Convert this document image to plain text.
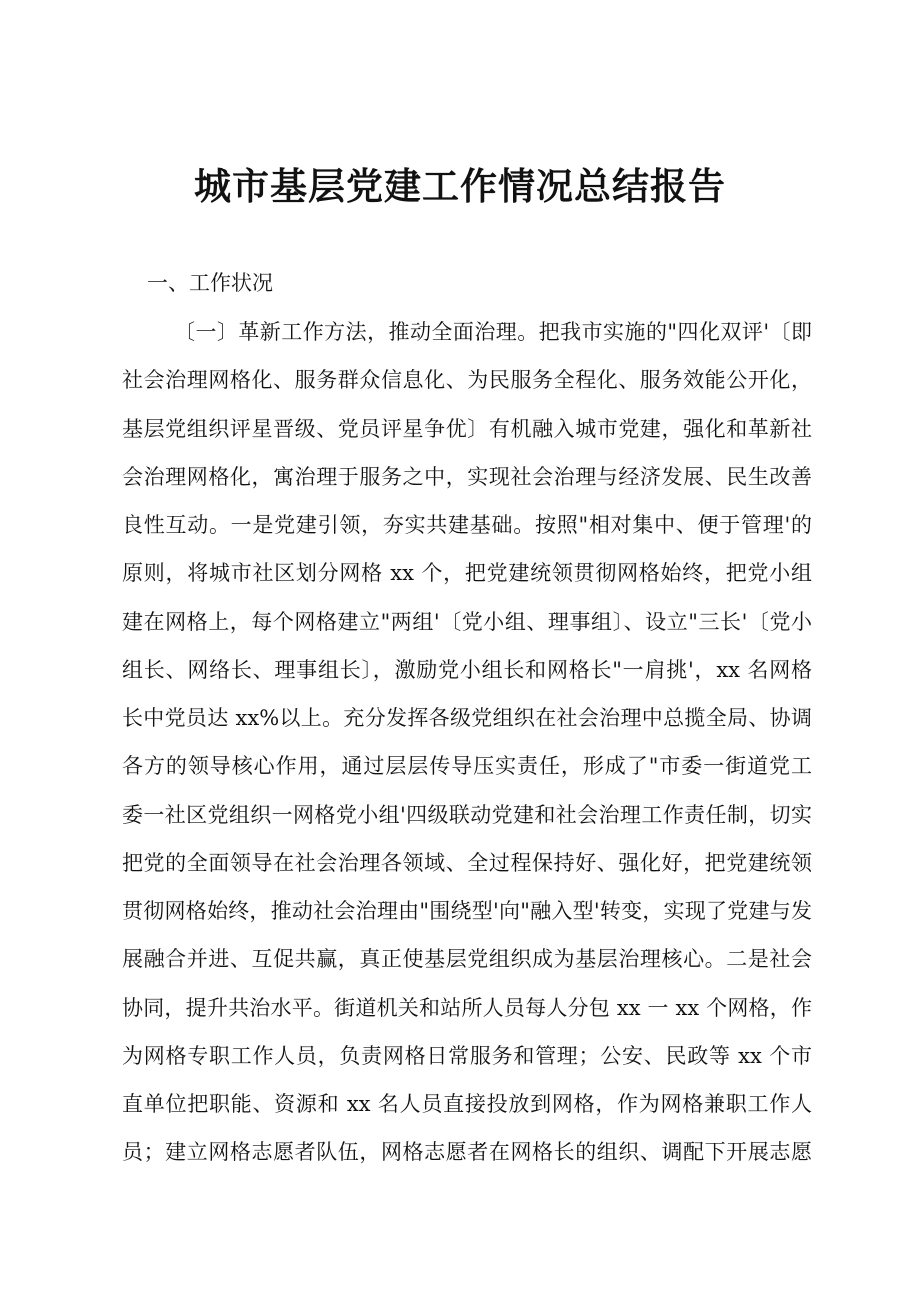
城市基层党建工作情况总结报告

一、工作状况

〔一〕革新工作方法，推动全面治理。把我市实施的"四化双评'〔即
社会治理网格化、服务群众信息化、为民服务全程化、服务效能公开化，
基层党组织评星晋级、党员评星争优〕有机融入城市党建，强化和革新社
会治理网格化，寓治理于服务之中，实现社会治理与经济发展、民生改善
良性互动。一是党建引领，夯实共建基础。按照"相对集中、便于管理'的
原则，将城市社区划分网格 xx 个，把党建统领贯彻网格始终，把党小组
建在网格上，每个网格建立"两组'〔党小组、理事组〕、设立"三长'〔党小
组长、网络长、理事组长〕，激励党小组长和网格长"一肩挑'，xx 名网格
长中党员达 xx%以上。充分发挥各级党组织在社会治理中总揽全局、协调
各方的领导核心作用，通过层层传导压实责任，形成了"市委一街道党工
委一社区党组织一网格党小组'四级联动党建和社会治理工作责任制，切实
把党的全面领导在社会治理各领域、全过程保持好、强化好，把党建统领
贯彻网格始终，推动社会治理由"围绕型'向"融入型'转变，实现了党建与发
展融合并进、互促共赢，真正使基层党组织成为基层治理核心。二是社会
协同，提升共治水平。街道机关和站所人员每人分包 xx 一 xx 个网格，作
为网格专职工作人员，负责网格日常服务和管理；公安、民政等 xx 个市
直单位把职能、资源和 xx 名人员直接投放到网格，作为网格兼职工作人
员；建立网格志愿者队伍，网格志愿者在网格长的组织、调配下开展志愿
